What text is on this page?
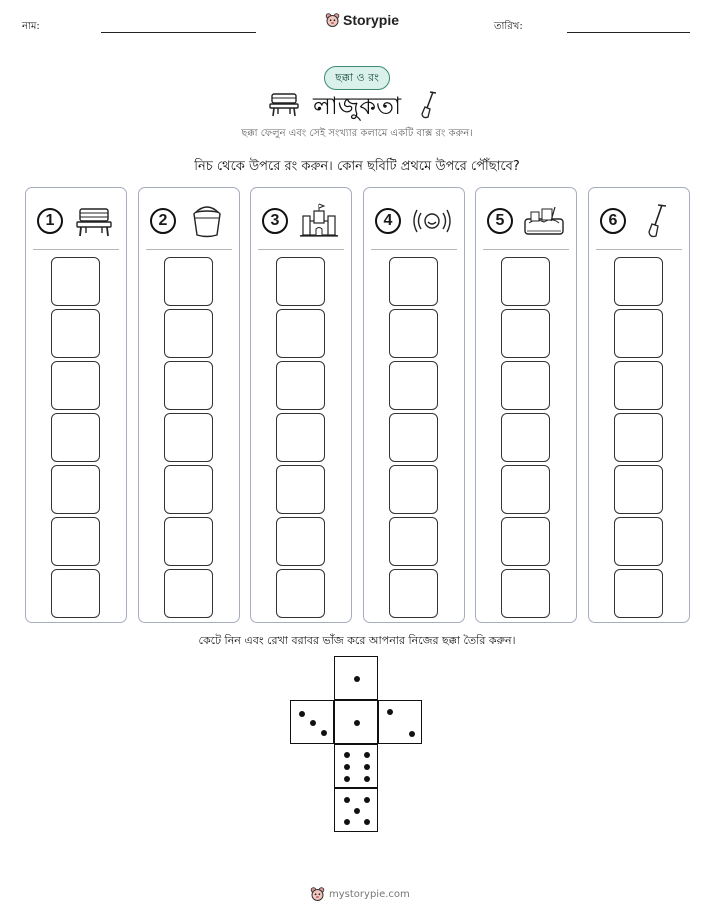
নাম:	Storypie	তারিখ:
ছক্কা ও রং
লাজুকতা
ছক্কা ফেলুন এবং সেই সংখ্যার কলামে একটি বাক্স রং করুন।
নিচ থেকে উপরে রং করুন। কোন ছবিটি প্রথমে উপরে পৌঁছাবে?
1	2	3	4	5	6
কেটে নিন এবং রেখা বরাবর ভাঁজ করে আপনার নিজের ছক্কা তৈরি করুন।
mystorypie.com
